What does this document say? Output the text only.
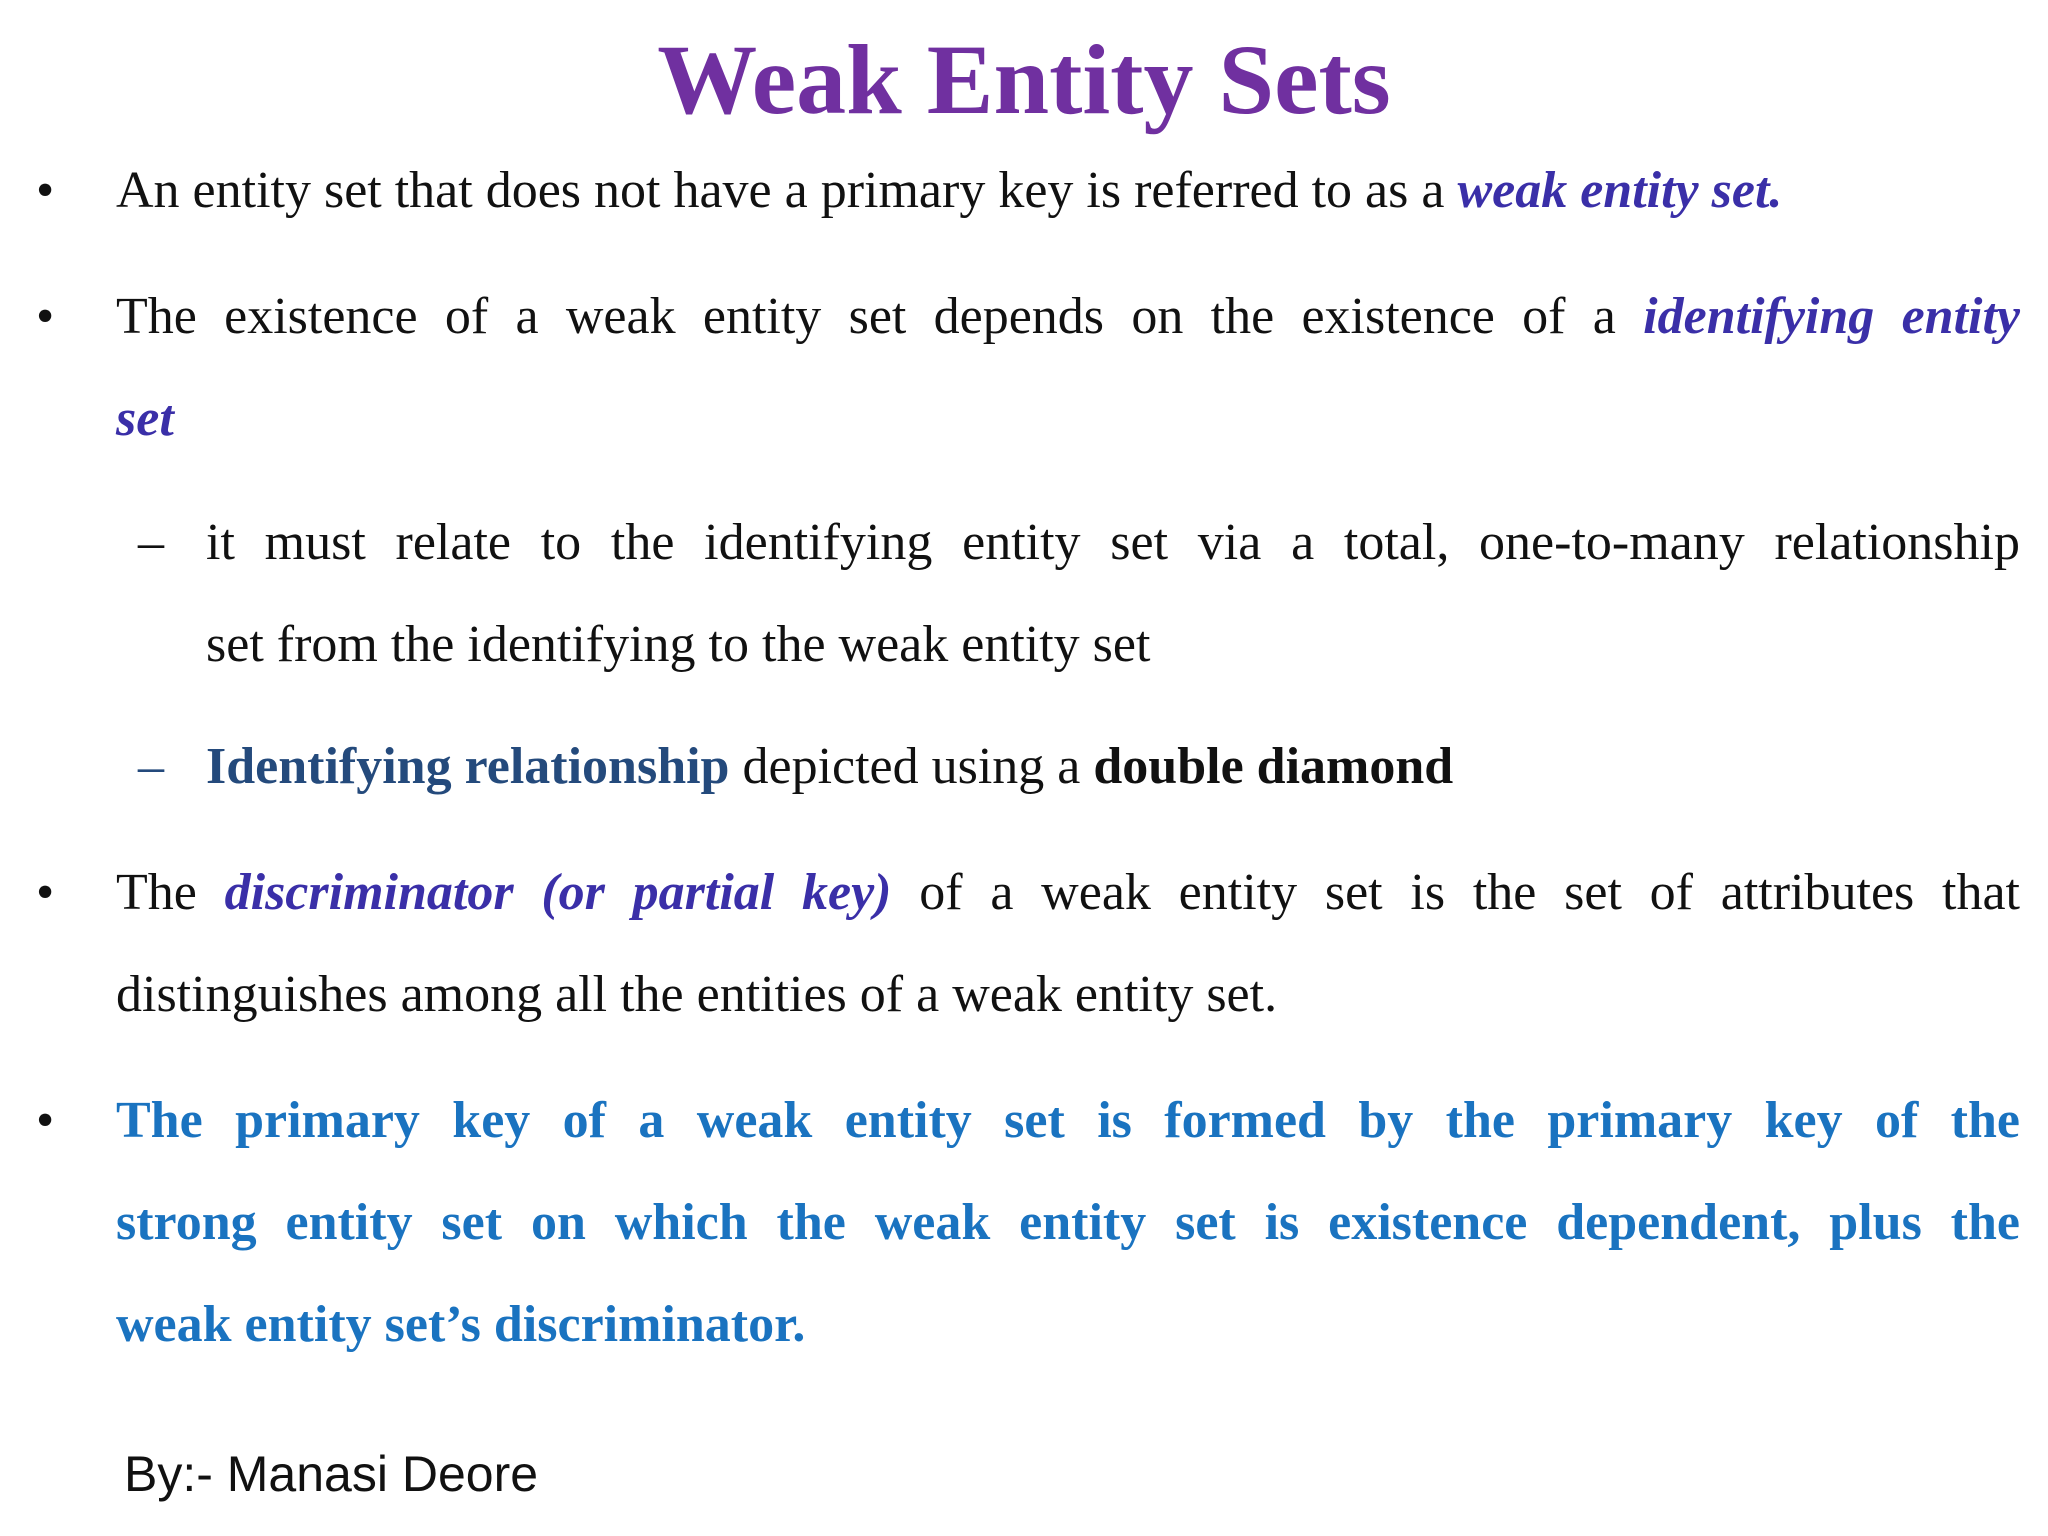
Weak Entity Sets
• An entity set that does not have a primary key is referred to as a weak entity set.
• The existence of a weak entity set depends on the existence of a identifying entity
set
– it must relate to the identifying entity set via a total, one-to-many relationship
set from the identifying to the weak entity set
– Identifying relationship depicted using a double diamond
• The discriminator (or partial key) of a weak entity set is the set of attributes that
distinguishes among all the entities of a weak entity set.
• The primary key of a weak entity set is formed by the primary key of the
strong entity set on which the weak entity set is existence dependent, plus the
weak entity set’s discriminator.
By:- Manasi Deore
